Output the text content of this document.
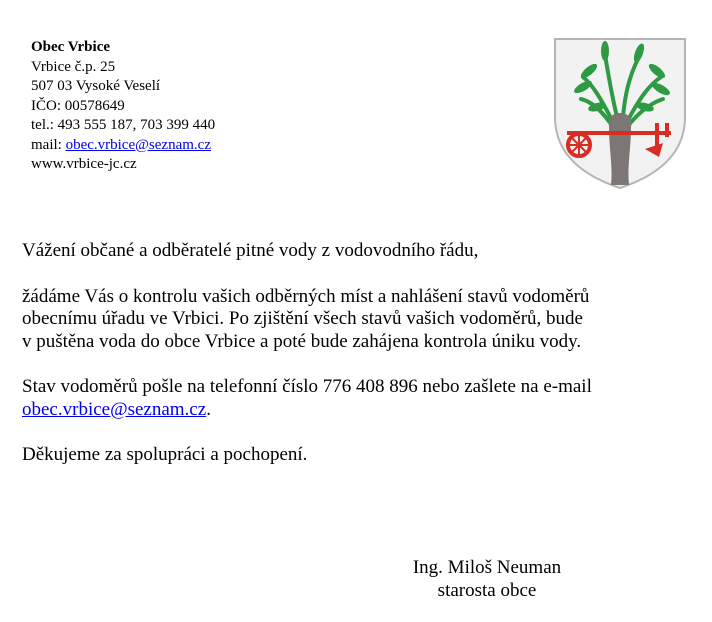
Obec Vrbice
Vrbice č.p. 25
507 03 Vysoké Veselí
IČO: 00578649
tel.: 493 555 187, 703 399 440
mail: obec.vrbice@seznam.cz
www.vrbice-jc.cz

Vážení občané a odběratelé pitné vody z vodovodního řádu,

žádáme Vás o kontrolu vašich odběrných míst a nahlášení stavů vodoměrů
obecnímu úřadu ve Vrbici. Po zjištění všech stavů vašich vodoměrů, bude
v puštěna voda do obce Vrbice a poté bude zahájena kontrola úniku vody.

Stav vodoměrů pošle na telefonní číslo 776 408 896 nebo zašlete na e-mail
obec.vrbice@seznam.cz.

Děkujeme za spolupráci a pochopení.

Ing. Miloš Neuman
starosta obce
